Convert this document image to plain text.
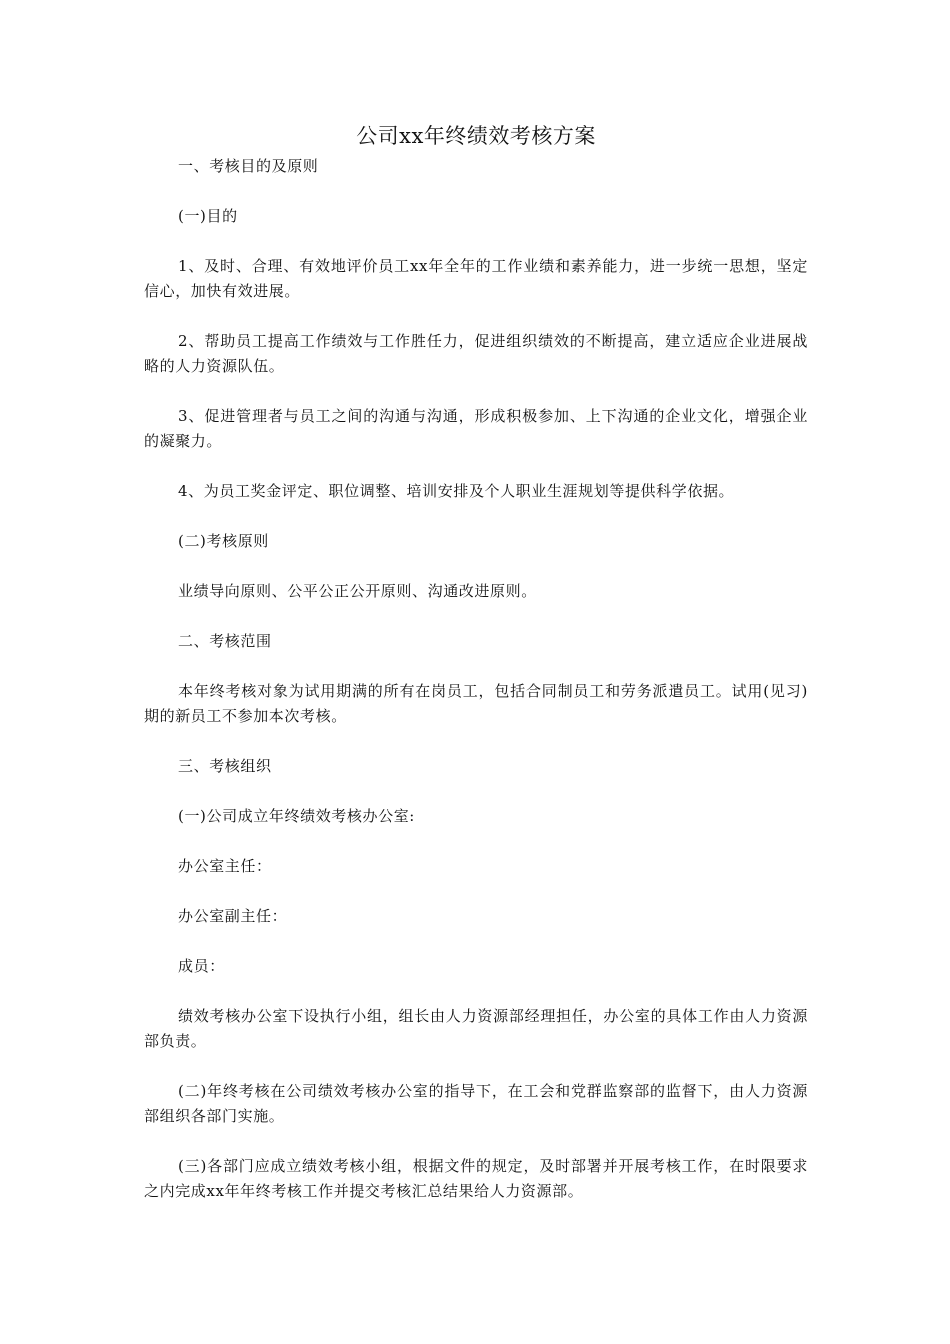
公司xx年终绩效考核方案

一、考核目的及原则

(一)目的

1、及时、合理、有效地评价员工xx年全年的工作业绩和素养能力，进一步统一思想，坚定信心，加快有效进展。

2、帮助员工提高工作绩效与工作胜任力，促进组织绩效的不断提高，建立适应企业进展战略的人力资源队伍。

3、促进管理者与员工之间的沟通与沟通，形成积极参加、上下沟通的企业文化，增强企业的凝聚力。

4、为员工奖金评定、职位调整、培训安排及个人职业生涯规划等提供科学依据。

(二)考核原则

业绩导向原则、公平公正公开原则、沟通改进原则。

二、考核范围

本年终考核对象为试用期满的所有在岗员工，包括合同制员工和劳务派遣员工。试用(见习)期的新员工不参加本次考核。

三、考核组织

(一)公司成立年终绩效考核办公室:

办公室主任：

办公室副主任：

成员：

绩效考核办公室下设执行小组，组长由人力资源部经理担任，办公室的具体工作由人力资源部负责。

(二)年终考核在公司绩效考核办公室的指导下，在工会和党群监察部的监督下，由人力资源部组织各部门实施。

(三)各部门应成立绩效考核小组，根据文件的规定，及时部署并开展考核工作，在时限要求之内完成xx年年终考核工作并提交考核汇总结果给人力资源部。
